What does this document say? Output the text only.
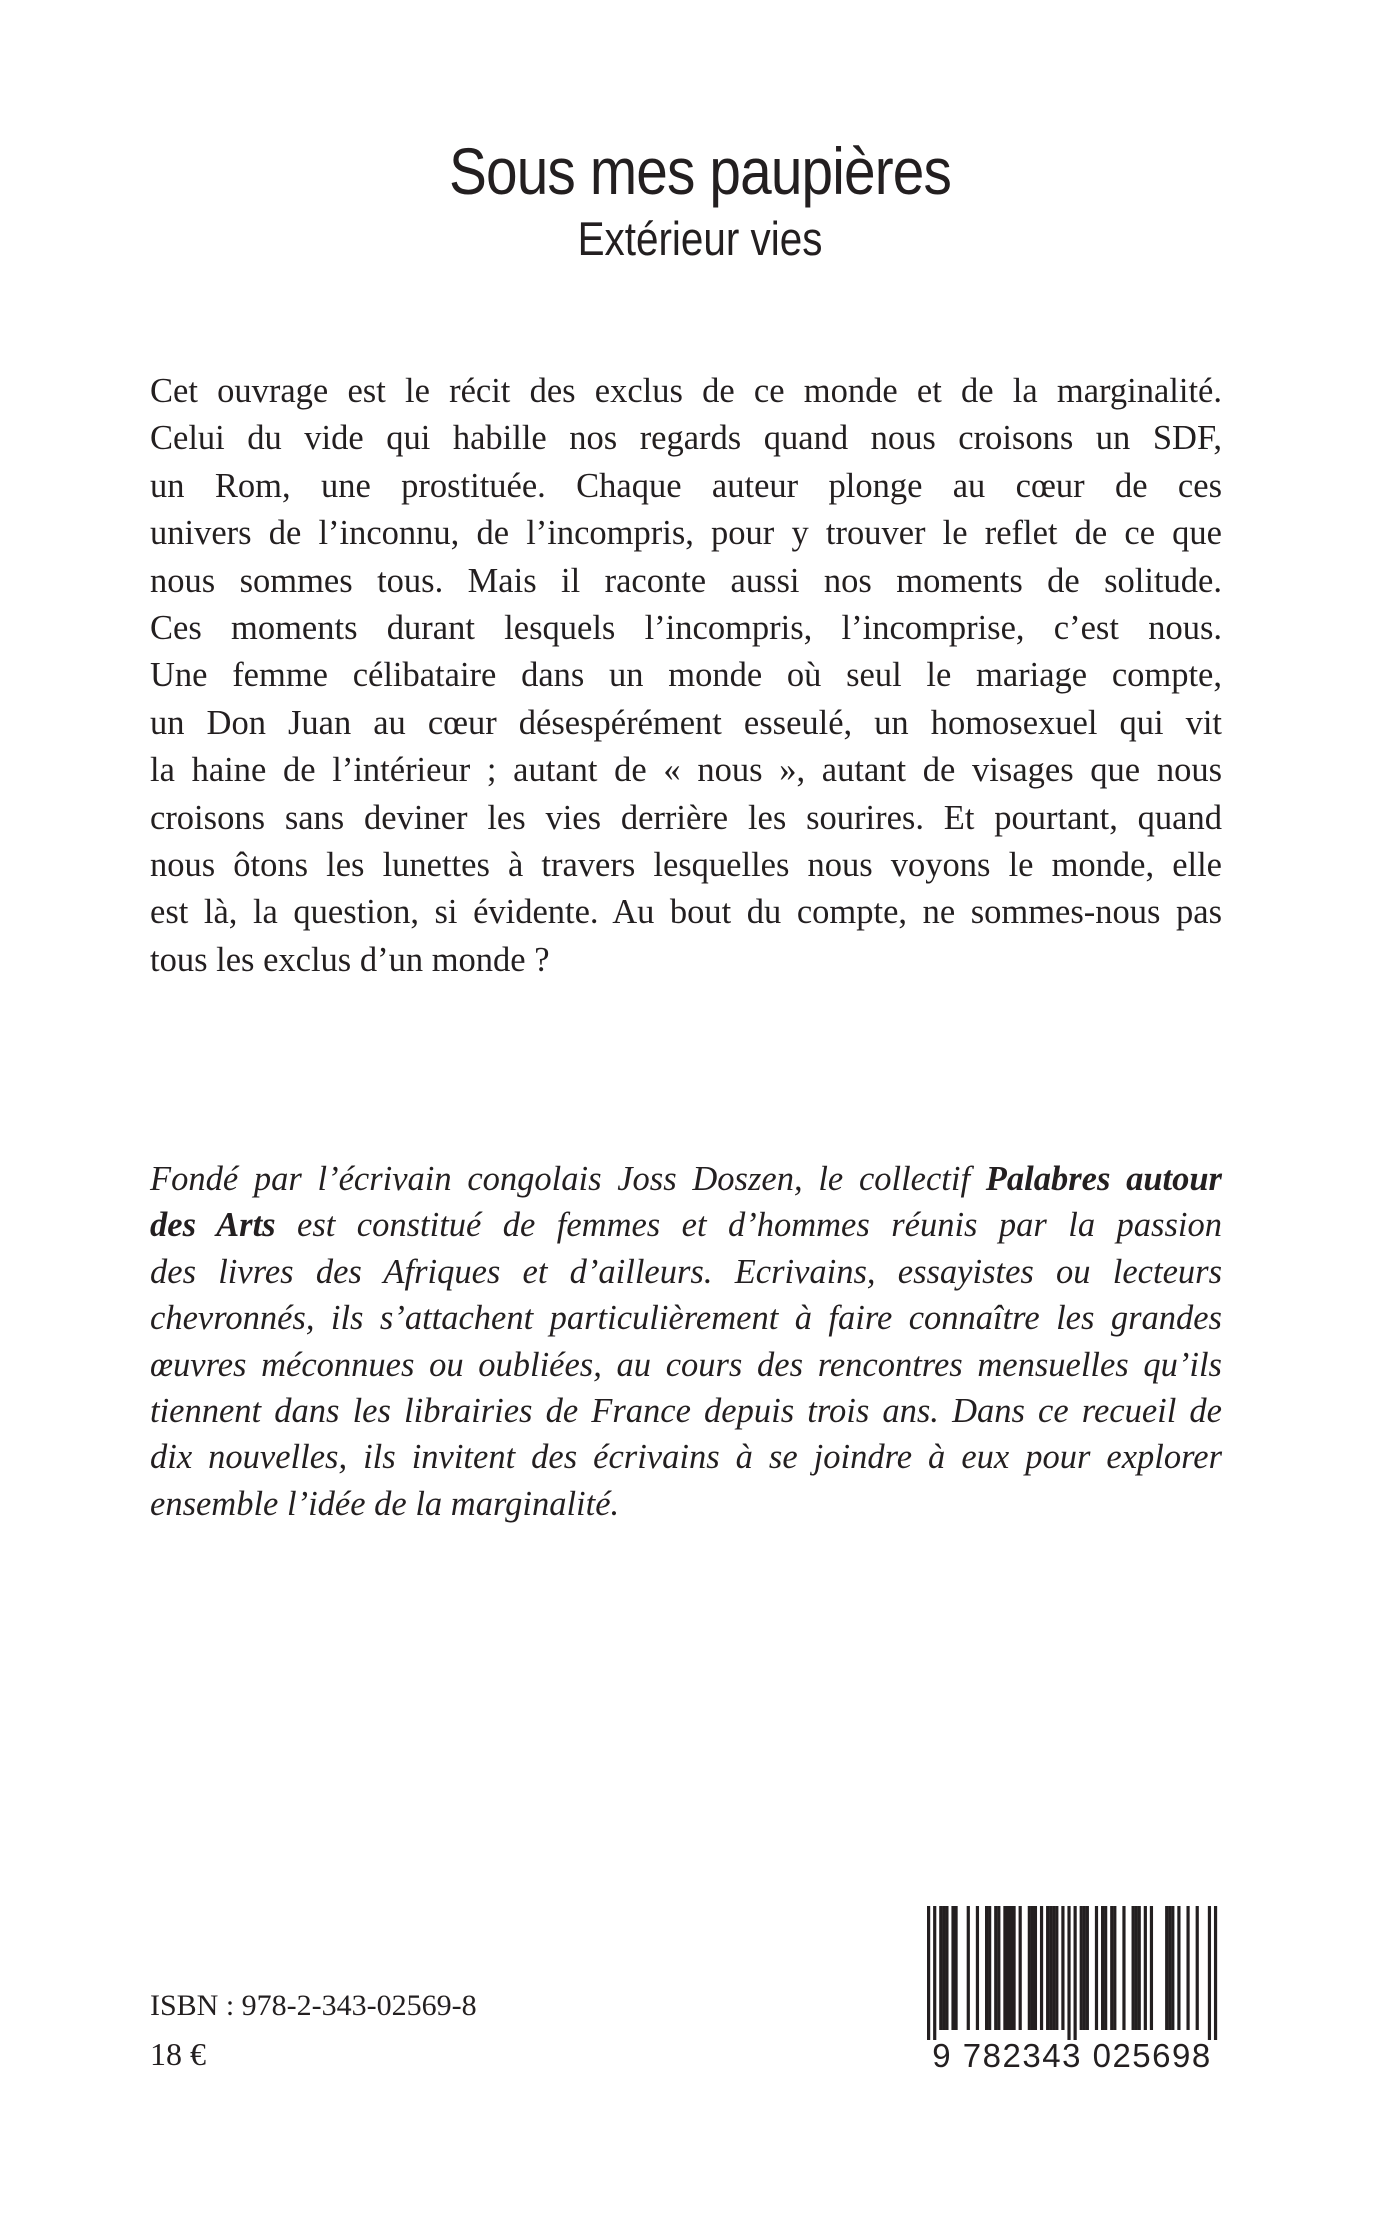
Sous mes paupières
Extérieur vies
Cet ouvrage est le récit des exclus de ce monde et de la marginalité.
Celui du vide qui habille nos regards quand nous croisons un SDF,
un Rom, une prostituée. Chaque auteur plonge au cœur de ces
univers de l’inconnu, de l’incompris, pour y trouver le reflet de ce que
nous sommes tous. Mais il raconte aussi nos moments de solitude.
Ces moments durant lesquels l’incompris, l’incomprise, c’est nous.
Une femme célibataire dans un monde où seul le mariage compte,
un Don Juan au cœur désespérément esseulé, un homosexuel qui vit
la haine de l’intérieur ; autant de « nous », autant de visages que nous
croisons sans deviner les vies derrière les sourires. Et pourtant, quand
nous ôtons les lunettes à travers lesquelles nous voyons le monde, elle
est là, la question, si évidente. Au bout du compte, ne sommes-nous pas
tous les exclus d’un monde ?
Fondé par l’écrivain congolais Joss Doszen, le collectif Palabres autour
des Arts est constitué de femmes et d’hommes réunis par la passion
des livres des Afriques et d’ailleurs. Ecrivains, essayistes ou lecteurs
chevronnés, ils s’attachent particulièrement à faire connaître les grandes
œuvres méconnues ou oubliées, au cours des rencontres mensuelles qu’ils
tiennent dans les librairies de France depuis trois ans. Dans ce recueil de
dix nouvelles, ils invitent des écrivains à se joindre à eux pour explorer
ensemble l’idée de la marginalité.
ISBN : 978-2-343-02569-8
18 €	9 782343 025698
